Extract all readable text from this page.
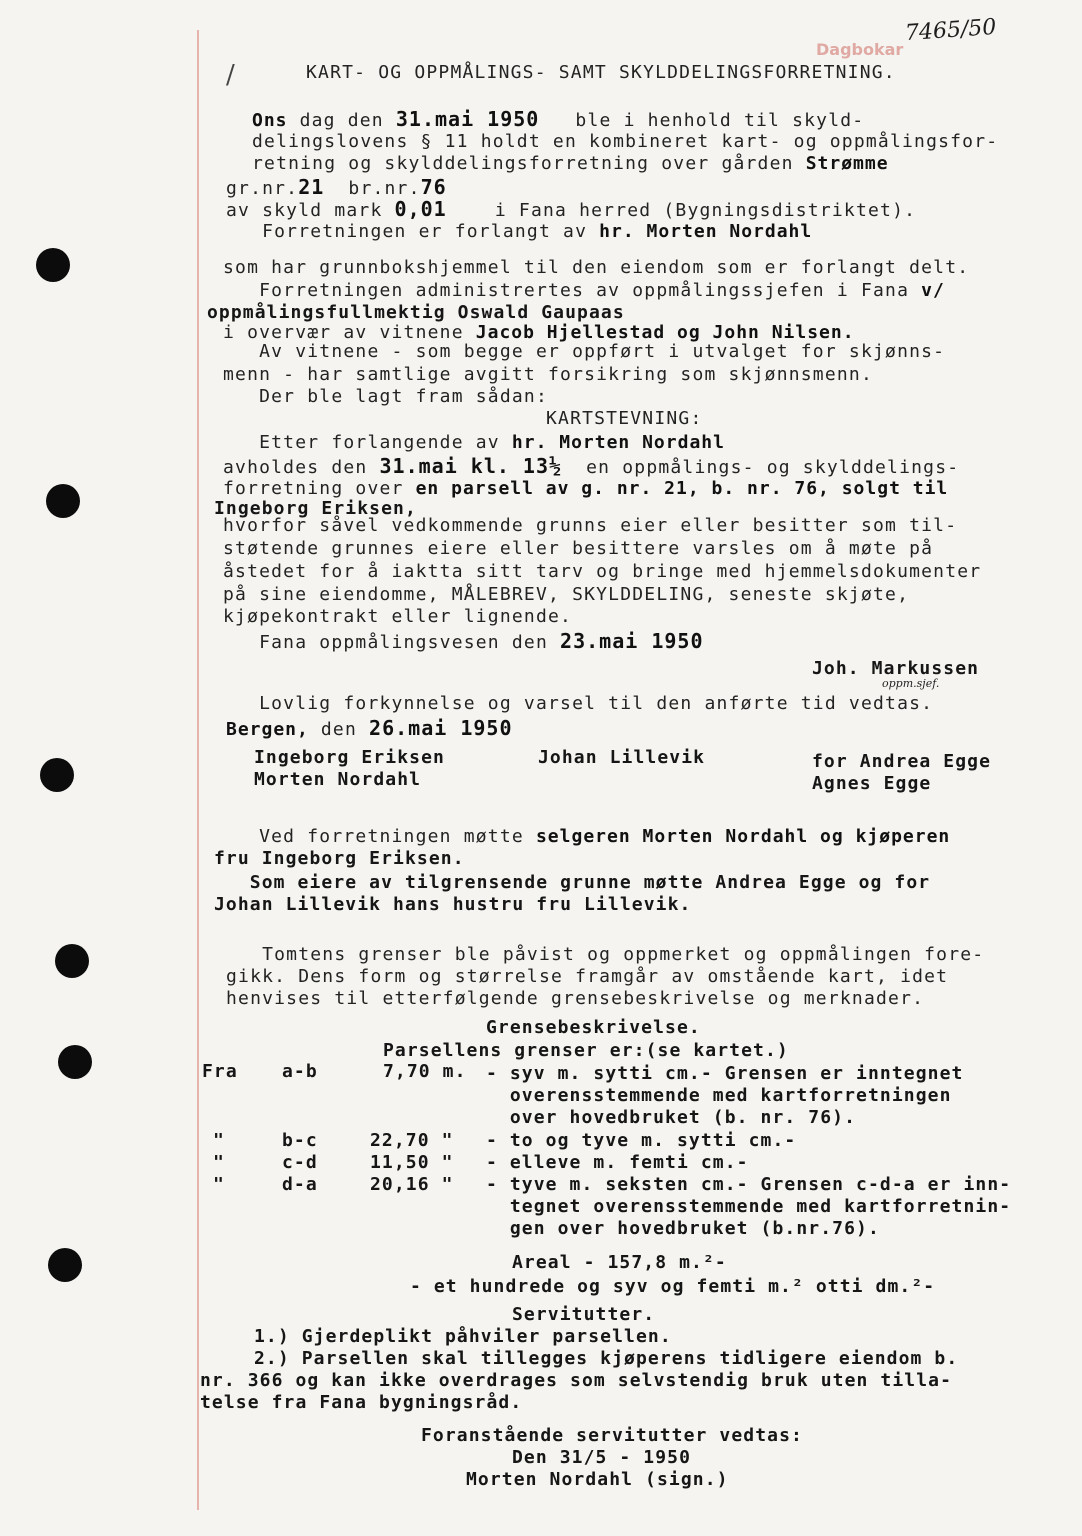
7465/50
Dagbokar
/	KART- OG OPPMÅLINGS- SAMT SKYLDDELINGSFORRETNING.
Ons dag den 31.mai 1950   ble i henhold til skyld-
delingslovens § 11 holdt en kombineret kart- og oppmålingsfor-
retning og skylddelingsforretning over gården Strømme
gr.nr.21  br.nr.76
av skyld mark 0,01    i Fana herred (Bygningsdistriktet).
Forretningen er forlangt av hr. Morten Nordahl
som har grunnbokshjemmel til den eiendom som er forlangt delt.
Forretningen administrertes av oppmålingssjefen i Fana v/
oppmålingsfullmektig Oswald Gaupaas
i overvær av vitnene Jacob Hjellestad og John Nilsen.
Av vitnene - som begge er oppført i utvalget for skjønns-
menn - har samtlige avgitt forsikring som skjønnsmenn.
Der ble lagt fram sådan:
KARTSTEVNING:
Etter forlangende av hr. Morten Nordahl
avholdes den 31.mai kl. 13½  en oppmålings- og skylddelings-
forretning over en parsell av g. nr. 21, b. nr. 76, solgt til
Ingeborg Eriksen,
hvorfor såvel vedkommende grunns eier eller besitter som til-
støtende grunnes eiere eller besittere varsles om å møte på
åstedet for å iaktta sitt tarv og bringe med hjemmelsdokumenter
på sine eiendomme, MÅLEBREV, SKYLDDELING, seneste skjøte,
kjøpekontrakt eller lignende.
Fana oppmålingsvesen den 23.mai 1950
Joh. Markussen
oppm.sjef.
Lovlig forkynnelse og varsel til den anførte tid vedtas.
Bergen, den 26.mai 1950
Ingeborg Eriksen
Morten Nordahl
Johan Lillevik	for Andrea Egge
Agnes Egge
Ved forretningen møtte selgeren Morten Nordahl og kjøperen
fru Ingeborg Eriksen.
Som eiere av tilgrensende grunne møtte Andrea Egge og for
Johan Lillevik hans hustru fru Lillevik.
Tomtens grenser ble påvist og oppmerket og oppmålingen fore-
gikk. Dens form og størrelse framgår av omstående kart, idet
henvises til etterfølgende grensebeskrivelse og merknader.
Grensebeskrivelse.
Parsellens grenser er:(se kartet.)
Fra a-b	7,70 m. - syv m. sytti cm.- Grensen er inntegnet
overensstemmende med kartforretningen
over hovedbruket (b. nr. 76).
"	b-c	22,70 " - to og tyve m. sytti cm.-
"	c-d	11,50 " - elleve m. femti cm.-
"	d-a	20,16 " - tyve m. seksten cm.- Grensen c-d-a er inn-
tegnet overensstemmende med kartforretnin-
gen over hovedbruket (b.nr.76).
Areal - 157,8 m.²-
- et hundrede og syv og femti m.² otti dm.²-
Servitutter.
1.) Gjerdeplikt påhviler parsellen.
2.) Parsellen skal tillegges kjøperens tidligere eiendom b.
nr. 366 og kan ikke overdrages som selvstendig bruk uten tilla-
telse fra Fana bygningsråd.
Foranstående servitutter vedtas:
Den 31/5 - 1950
Morten Nordahl (sign.)
